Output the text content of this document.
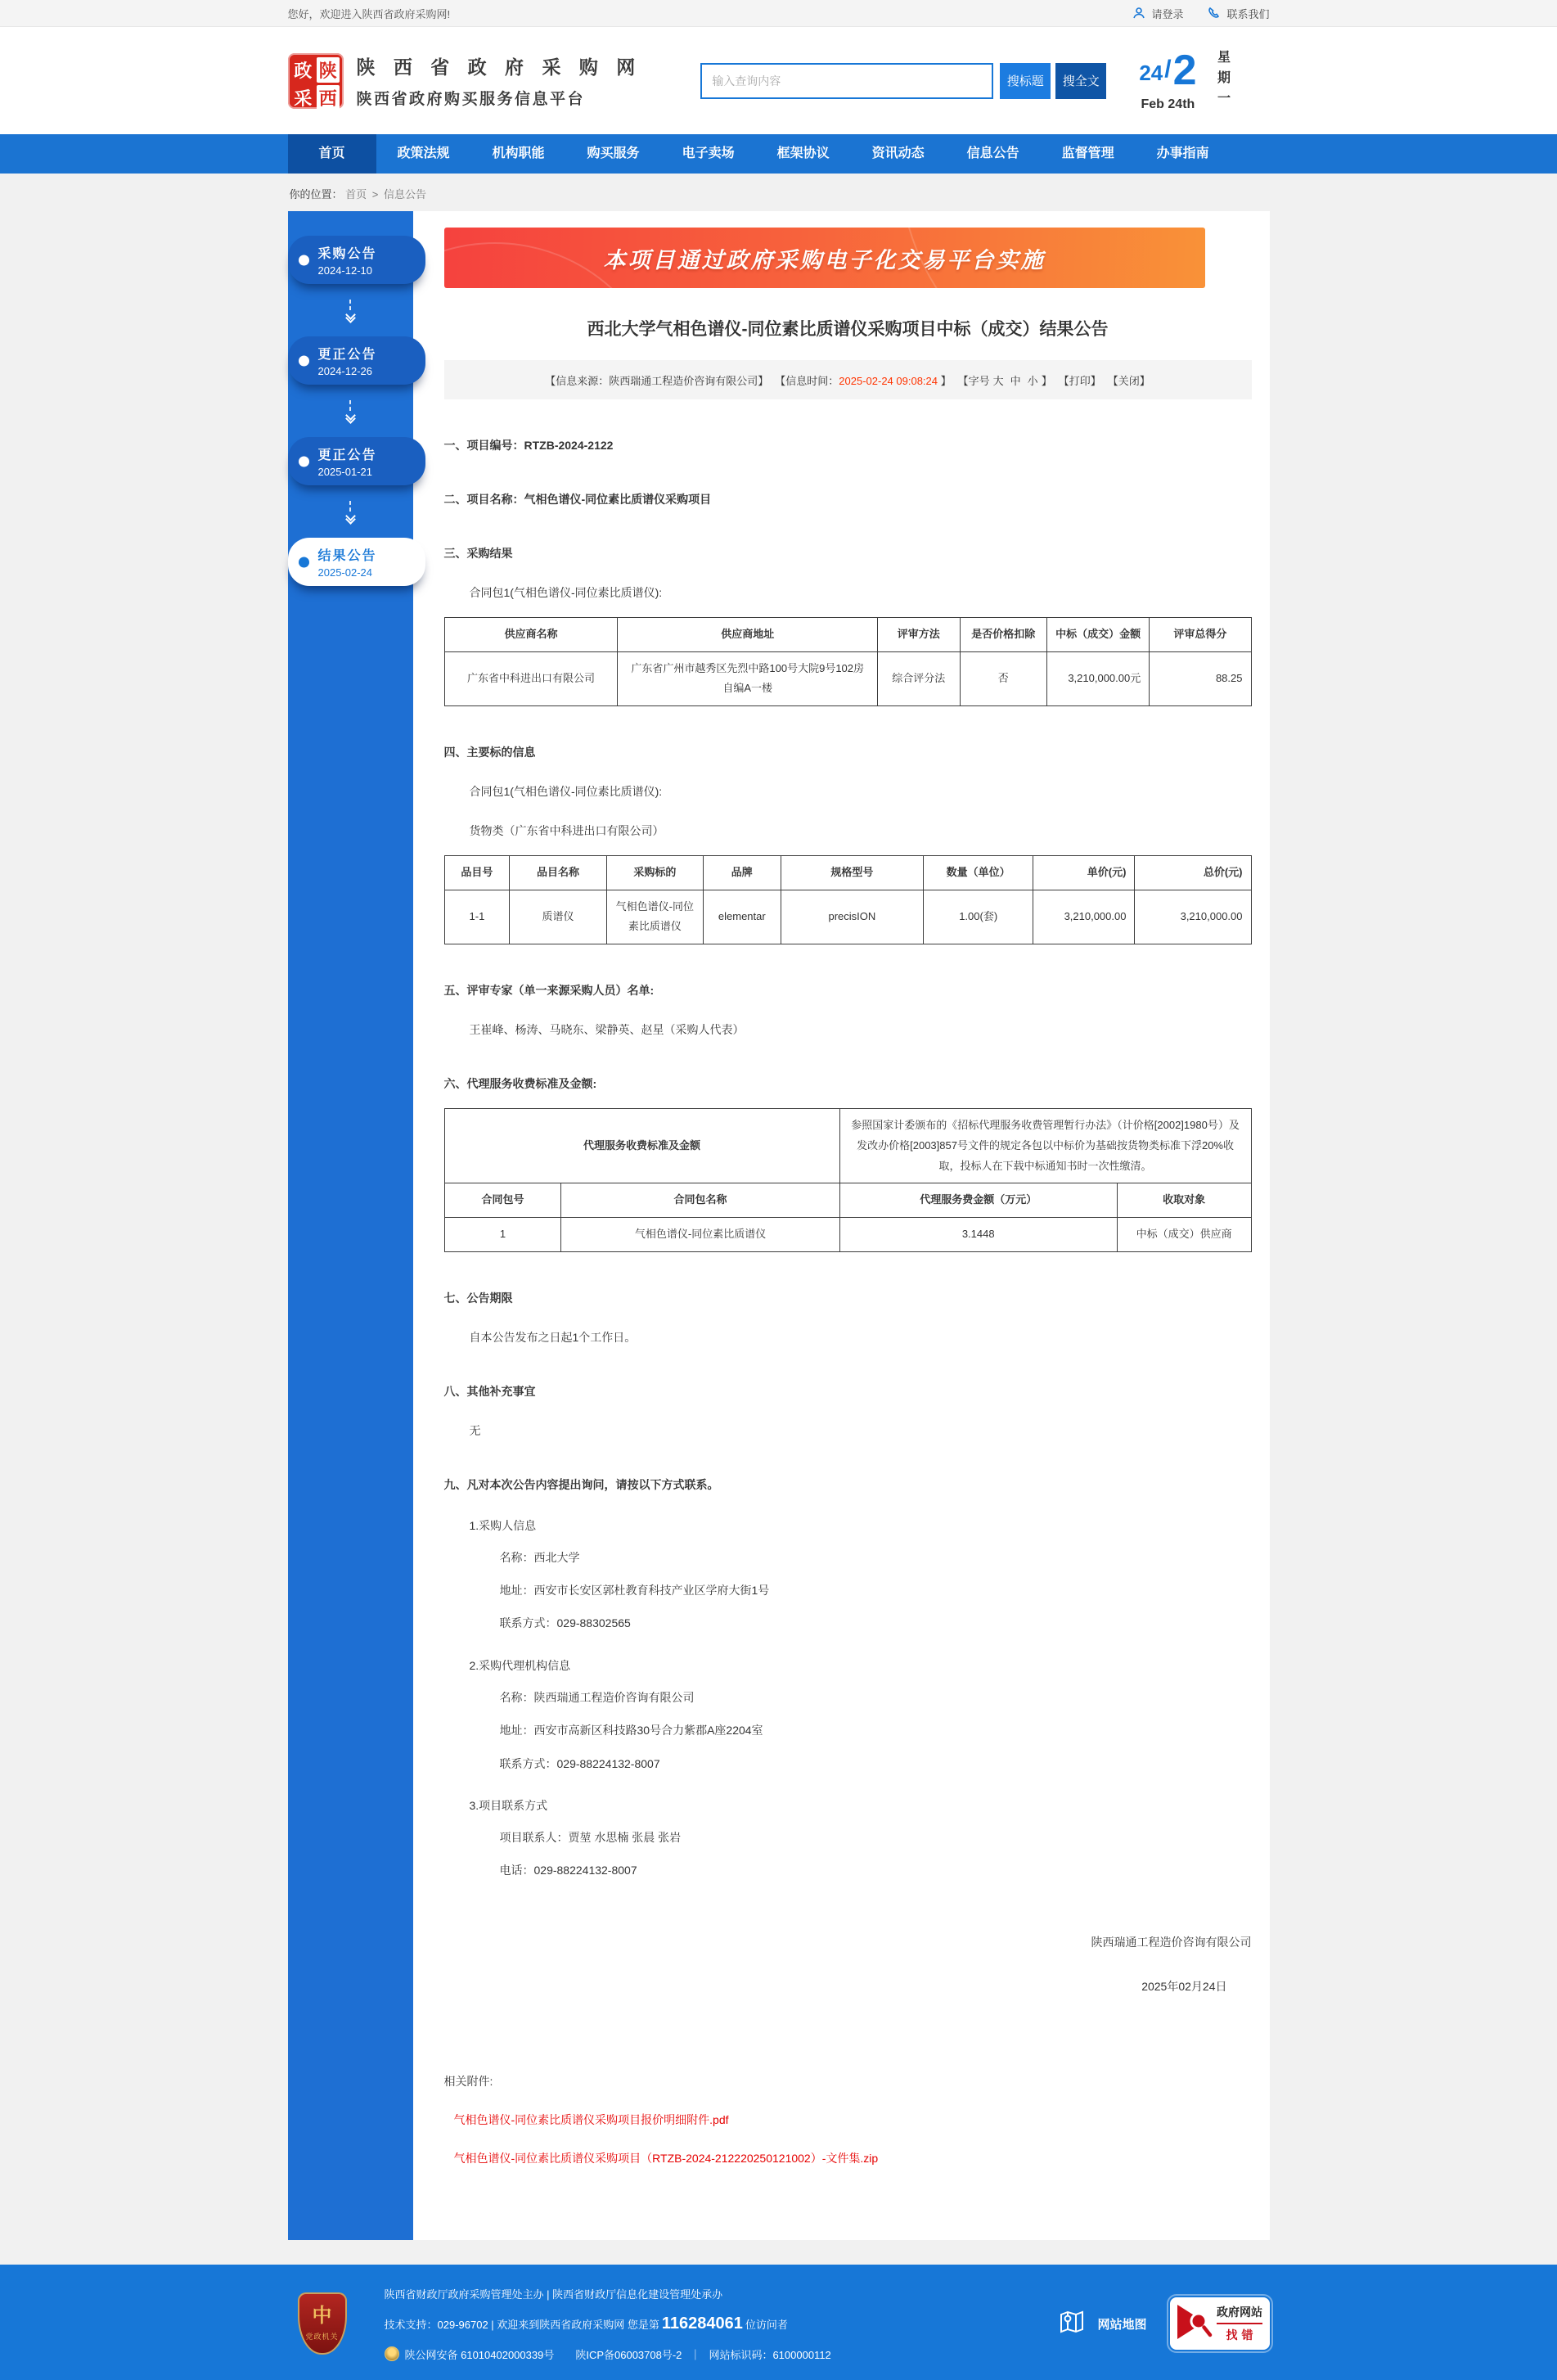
您好，欢迎进入陕西省政府采购网!	请登录	联系我们
政 陕
采 西
陕 西 省 政 府 采 购 网
陕西省政府购买服务信息平台
输入查询内容
搜标题	搜全文	24 / 2
Feb 24th 星期一
首页	政策法规	机构职能	购买服务	电子卖场	框架协议	资讯动态	信息公告	监督管理	办事指南
你的位置： 首页 > 信息公告
采购公告
2024-12-10
更正公告
2024-12-26
更正公告
2025-01-21
结果公告
2025-02-24
本项目通过政府采购电子化交易平台实施
西北大学气相色谱仪-同位素比质谱仪采购项目中标（成交）结果公告
【信息来源：陕西瑞通工程造价咨询有限公司】 【信息时间：2025-02-24 09:08:24 】 【字号 大 中 小 】 【打印】 【关闭】
一、项目编号：RTZB-2024-2122
二、项目名称：气相色谱仪-同位素比质谱仪采购项目
三、采购结果

合同包1(气相色谱仪-同位素比质谱仪):

供应商名称	供应商地址	评审方法	是否价格扣除	中标（成交）金额	评审总得分
广东省中科进出口有限公司	广东省广州市越秀区先烈中路100号大院9号102房自编A一楼	综合评分法	否	3,210,000.00元	88.25
四、主要标的信息

合同包1(气相色谱仪-同位素比质谱仪):

货物类（广东省中科进出口有限公司）

品目号	品目名称	采购标的	品牌	规格型号	数量（单位）	单价(元)	总价(元)
1-1	质谱仪	气相色谱仪-同位素比质谱仪	elementar	precisION	1.00(套)	3,210,000.00	3,210,000.00
五、评审专家（单一来源采购人员）名单:

王崔峰、杨涛、马晓东、梁静英、赵星（采购人代表）

六、代理服务收费标准及金额:
代理服务收费标准及金额		参照国家计委颁布的《招标代理服务收费管理暂行办法》（计价格[2002]1980号）及发改办价格[2003]857号文件的规定各包以中标价为基础按货物类标准下浮20%收取，投标人在下载中标通知书时一次性缴清。	
合同包号	合同包名称	代理服务费金额（万元）	收取对象
1	气相色谱仪-同位素比质谱仪	3.1448	中标（成交）供应商
七、公告期限

自本公告发布之日起1个工作日。

八、其他补充事宜

无

九、凡对本次公告内容提出询问，请按以下方式联系。

1.采购人信息

名称：西北大学

地址：西安市长安区郭杜教育科技产业区学府大街1号

联系方式：029-88302565

2.采购代理机构信息

名称：陕西瑞通工程造价咨询有限公司

地址：西安市高新区科技路30号合力紫郡A座2204室

联系方式：029-88224132-8007

3.项目联系方式

项目联系人：贾堃 水思楠 张晨 张岩

电话：029-88224132-8007

陕西瑞通工程造价咨询有限公司

2025年02月24日

相关附件:

气相色谱仪-同位素比质谱仪采购项目报价明细附件.pdf
气相色谱仪-同位素比质谱仪采购项目（RTZB-2024-212220250121002）-文件集.zip
中
党政机关
陕西省财政厅政府采购管理处主办 | 陕西省财政厅信息化建设管理处承办
技术支持：029-96702 | 欢迎来到陕西省政府采购网 您是第 116284061 位访问者
陕公网安备 61010402000339号 陕ICP备06003708号-2 ｜ 网站标识码：6100000112
网站地图
政府网站
找错
